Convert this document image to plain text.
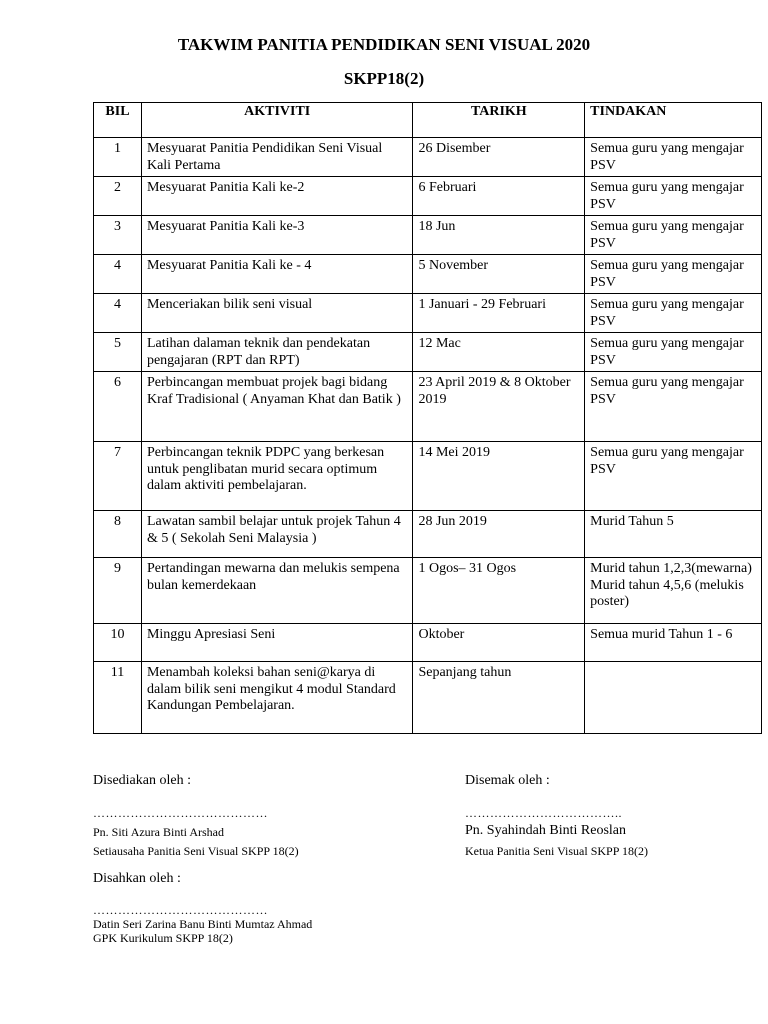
TAKWIM PANITIA PENDIDIKAN SENI VISUAL 2020
SKPP18(2)
BIL	AKTIVITI	TARIKH	TINDAKAN
1	Mesyuarat Panitia Pendidikan Seni Visual Kali Pertama	26 Disember	Semua guru yang mengajar PSV
2	Mesyuarat Panitia Kali ke-2	6 Februari	Semua guru yang mengajar PSV
3	Mesyuarat Panitia Kali ke-3	18 Jun	Semua guru yang mengajar PSV
4	Mesyuarat Panitia Kali ke - 4	5 November	Semua guru yang mengajar PSV
4	Menceriakan bilik seni visual	1 Januari - 29 Februari	Semua guru yang mengajar PSV
5	Latihan dalaman teknik dan pendekatan pengajaran (RPT dan RPT)	12 Mac	Semua guru yang mengajar PSV
6	Perbincangan membuat projek bagi bidang Kraf Tradisional ( Anyaman Khat dan Batik )	23 April 2019 & 8 Oktober 2019	Semua guru yang mengajar PSV
7	Perbincangan teknik PDPC yang berkesan untuk penglibatan murid secara optimum dalam aktiviti pembelajaran.	14 Mei 2019	Semua guru yang mengajar PSV
8	Lawatan sambil belajar untuk projek Tahun 4 & 5 ( Sekolah Seni Malaysia )	28 Jun 2019	Murid Tahun 5
9	Pertandingan mewarna dan melukis sempena bulan kemerdekaan	1 Ogos– 31 Ogos	Murid tahun 1,2,3(mewarna) Murid tahun 4,5,6 (melukis poster)
10	Minggu Apresiasi Seni	Oktober	Semua murid Tahun 1 - 6
11	Menambah koleksi bahan seni@karya di dalam bilik seni mengikut 4 modul Standard Kandungan Pembelajaran.	Sepanjang tahun	
Disediakan oleh :
……………………………………
Pn. Siti Azura Binti Arshad
Setiausaha Panitia Seni Visual SKPP 18(2)
Disemak oleh :
………………………………..
Pn. Syahindah Binti Reoslan
Ketua Panitia Seni Visual SKPP 18(2)
Disahkan oleh :
……………………………………
Datin Seri Zarina Banu Binti Mumtaz Ahmad
GPK Kurikulum SKPP 18(2)
